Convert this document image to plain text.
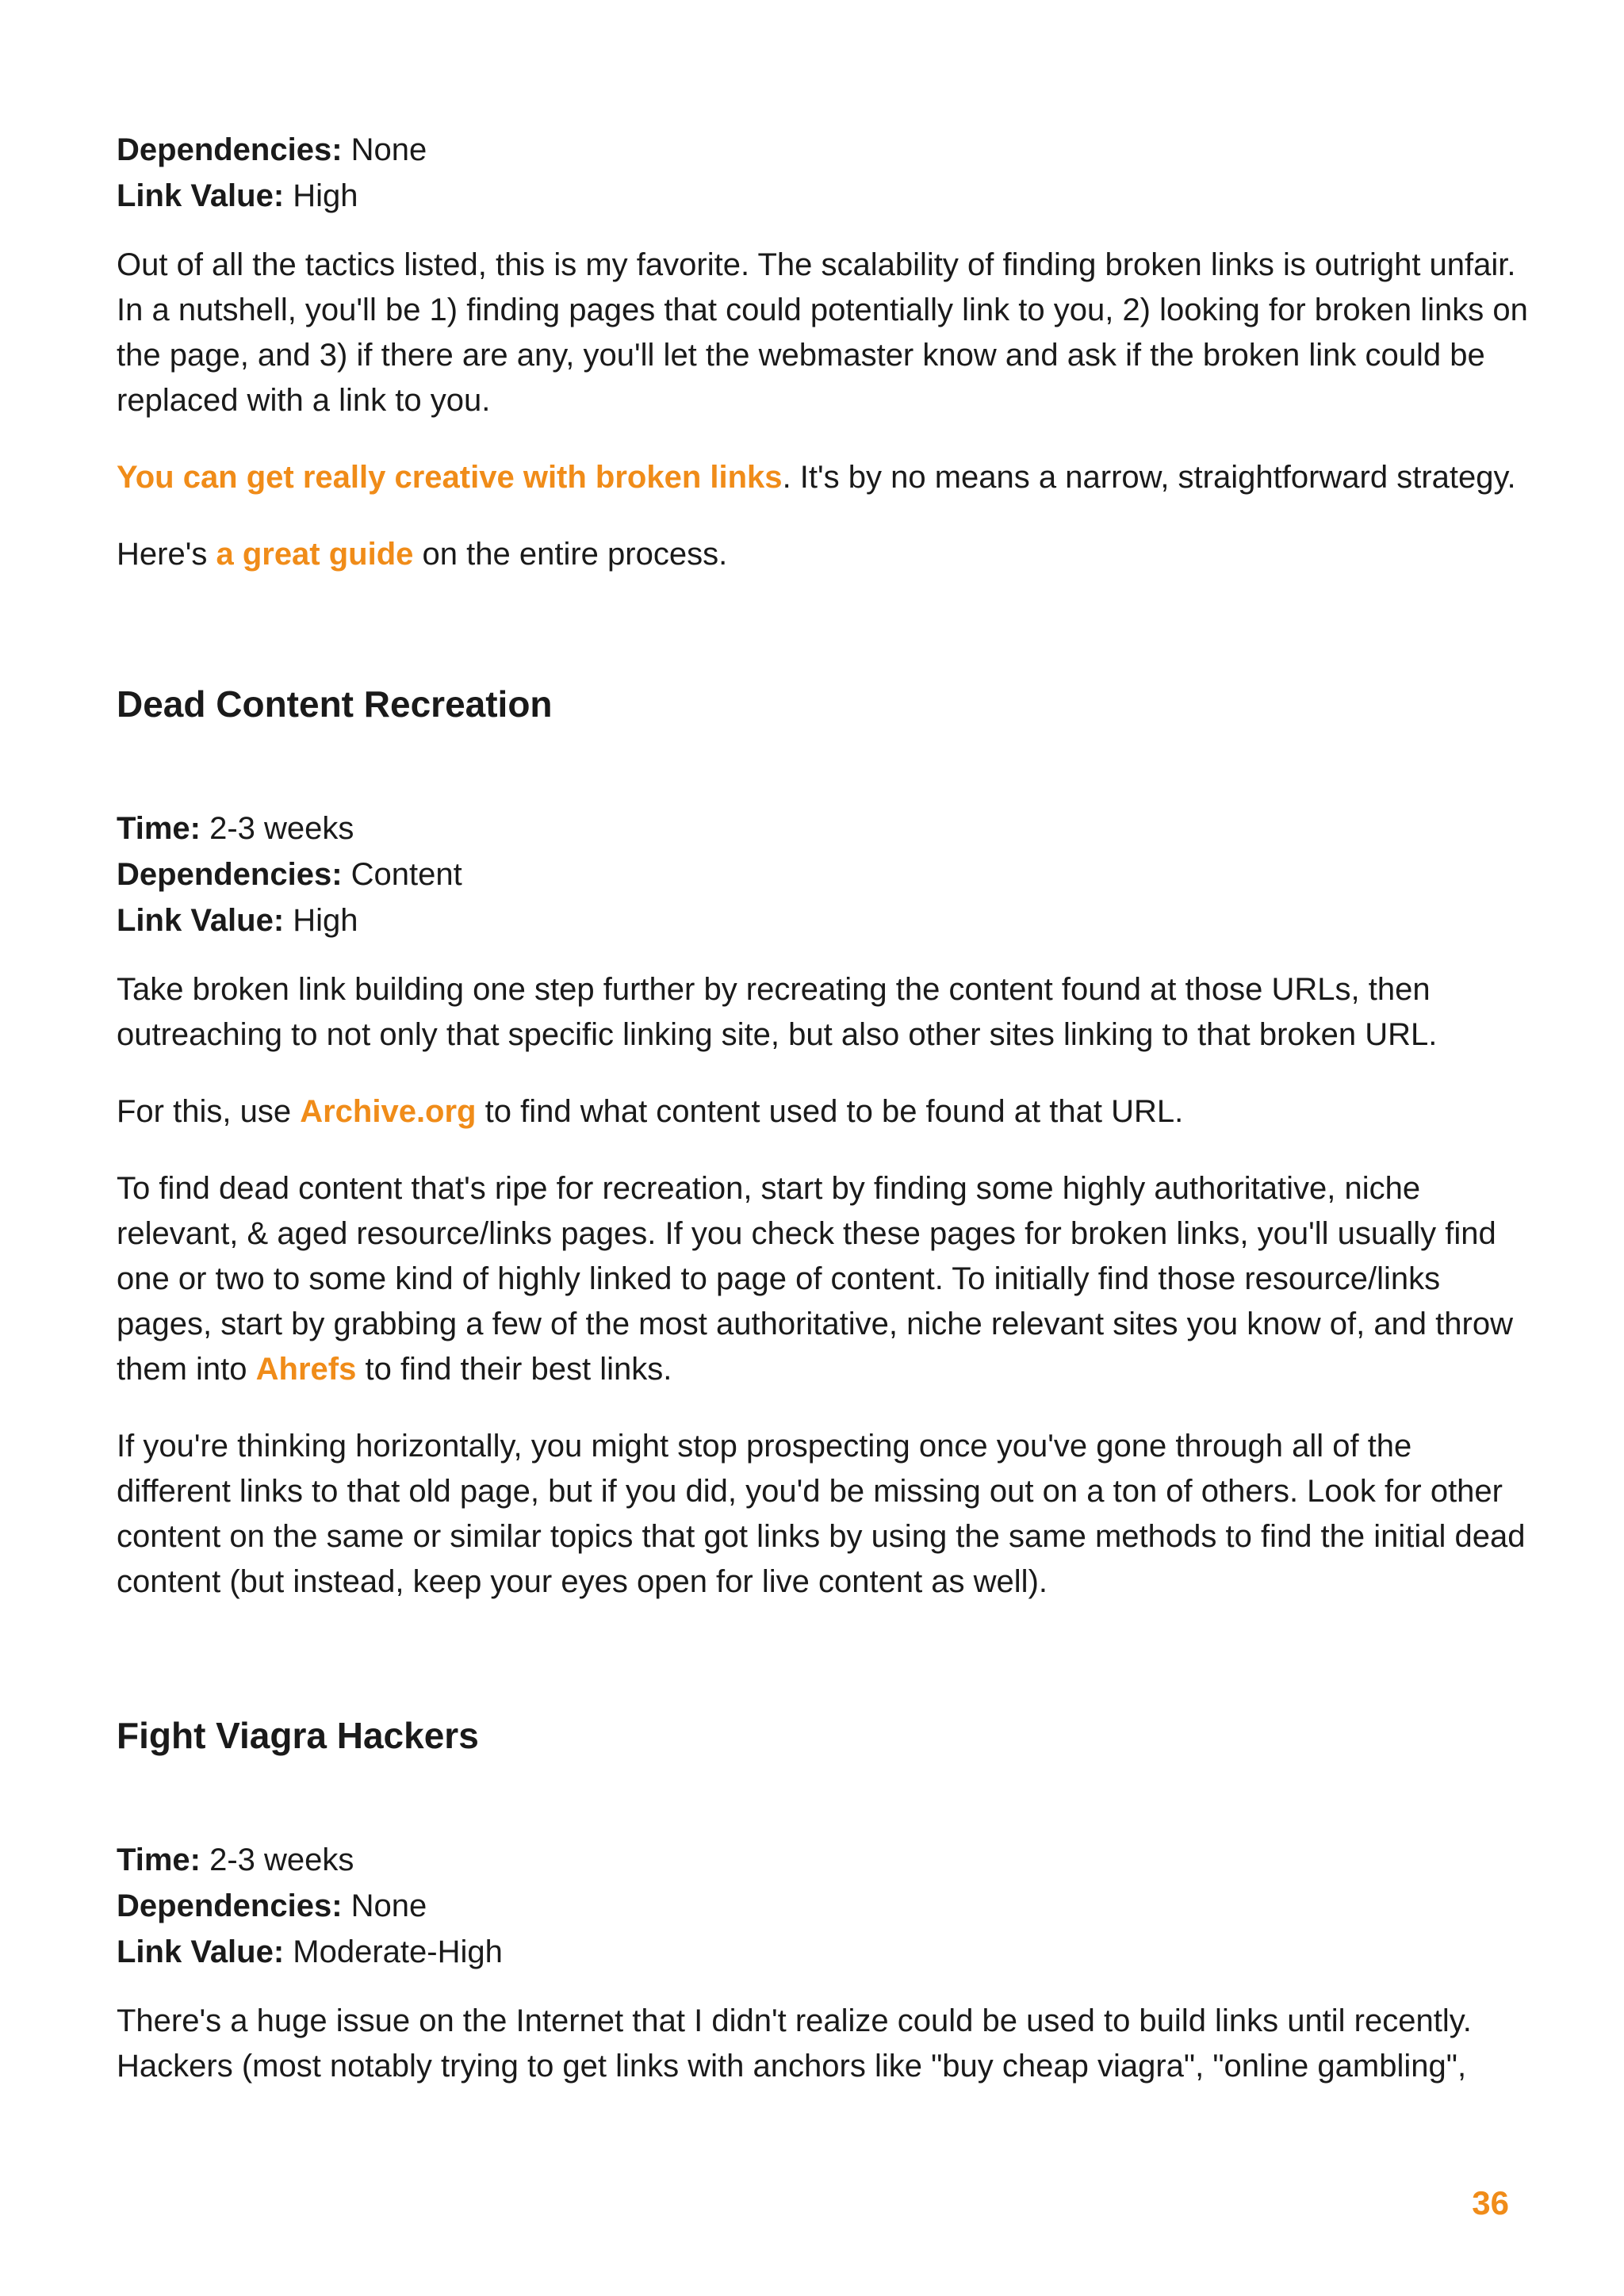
Dependencies: None

Link Value: High

Out of all the tactics listed, this is my favorite. The scalability of finding broken links is outright unfair. In a nutshell, you'll be 1) finding pages that could potentially link to you, 2) looking for broken links on the page, and 3) if there are any, you'll let the webmaster know and ask if the broken link could be replaced with a link to you.

You can get really creative with broken links. It's by no means a narrow, straightforward strategy.

Here's a great guide on the entire process.

Dead Content Recreation

Time: 2-3 weeks

Dependencies: Content

Link Value: High

Take broken link building one step further by recreating the content found at those URLs, then outreaching to not only that specific linking site, but also other sites linking to that broken URL.

For this, use Archive.org to find what content used to be found at that URL.

To find dead content that's ripe for recreation, start by finding some highly authoritative, niche relevant, & aged resource/links pages. If you check these pages for broken links, you'll usually find one or two to some kind of highly linked to page of content. To initially find those resource/links pages, start by grabbing a few of the most authoritative, niche relevant sites you know of, and throw them into Ahrefs to find their best links.

If you're thinking horizontally, you might stop prospecting once you've gone through all of the different links to that old page, but if you did, you'd be missing out on a ton of others. Look for other content on the same or similar topics that got links by using the same methods to find the initial dead content (but instead, keep your eyes open for live content as well).

Fight Viagra Hackers

Time: 2-3 weeks

Dependencies: None

Link Value: Moderate-High

There's a huge issue on the Internet that I didn't realize could be used to build links until recently. Hackers (most notably trying to get links with anchors like "buy cheap viagra", "online gambling",

36
